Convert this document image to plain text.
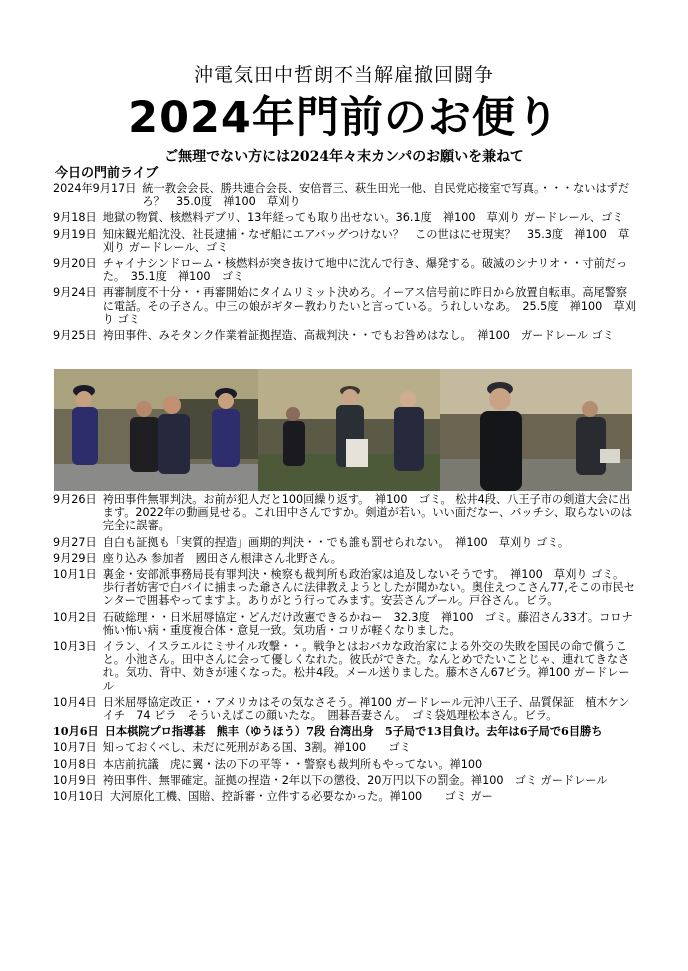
沖電気田中哲朗不当解雇撤回闘争
2024年門前のお便り
ご無理でない方には2024年々末カンパのお願いを兼ねて
今日の門前ライブ
2024年9月17日 統一教会会長、勝共連合会長、安倍晋三、萩生田光一他、自民党応接室で写真。・・・ないはずだろ？　35.0度　禅100　草刈り
9月18日 地獄の物質、核燃料デブリ、13年経っても取り出せない。36.1度　禅100　草刈り ガードレール、ゴミ
9月19日 知床観光船沈没、社長逮捕・なぜ船にエアバッグつけない？　この世はにせ現実？　35.3度　禅100　草刈り ガードレール、ゴミ
9月20日 チャイナシンドローム・核燃料が突き抜けて地中に沈んで行き、爆発する。破滅のシナリオ・・寸前だった。　35.1度　禅100　ゴミ
9月24日 再審制度不十分・・再審開始にタイムリミット決めろ。イーアス信号前に昨日から放置自転車。高尾警察に電話。その子さん。中三の娘がギター教わりたいと言っている。うれしいなあ。　25.5度　禅100　草刈り ゴミ
9月25日 袴田事件、みそタンク作業着証拠捏造、高裁判決・・でもお咎めはなし。　禅100　ガードレール ゴミ
9月26日 袴田事件無罪判決。お前が犯人だと100回繰り返す。　禅100　ゴミ。 松井4段、八王子市の剣道大会に出ます。2022年の動画見せる。これ田中さんですか。剣道が若い。いい面だなー、バッチシ、取らないのは完全に誤審。
9月27日 自白も証拠も「実質的捏造」画期的判決・・でも誰も罰せられない。　禅100　草刈り ゴミ。
9月29日 座り込み 参加者　國田さん根津さん北野さん。
10月1日 裏金・安部派事務局長有罪判決・検察も裁判所も政治家は追及しないそうです。　禅100　草刈り ゴミ。 歩行者妨害で白バイに捕まった爺さんに法律教えようとしたが聞かない。奥住えつこさん77,そこの市民センターで囲碁やってますよ。ありがとう行ってみます。安芸さんプール。戸谷さん。ビラ。
10月2日 石破総理・・日米屈辱協定・どんだけ改憲できるかねー　32.3度　禅100　ゴミ。藤沼さん33才。コロナ怖い怖い病・重度複合体・意見一致。気功盾・コリが軽くなりました。
10月3日 イラン、イスラエルにミサイル攻撃・・。戦争とはおバカな政治家による外交の失敗を国民の命で償うこと。小池さん。田中さんに会って優しくなれた。彼氏ができた。なんとめでたいことじゃ、連れてきなされ。気功、背中、効きが速くなった。松井4段。メール送りました。藤木さん67ビラ。禅100 ガードレール
10月4日 日米屈辱協定改正・・アメリカはその気なさそう。禅100 ガードレール元沖八王子、品質保証　植木ケンイチ　74 ビラ　そういえばこの顔いたな。　囲碁吾妻さん。　ゴミ袋処理松本さん。ビラ。
10月6日 日本棋院プロ指導碁　熊丰（ゆうほう）7段 台湾出身　5子局で13目負け。去年は6子局で6目勝ち
10月7日 知っておくべし、未だに死刑がある国、3割。禅100　　ゴミ
10月8日 本店前抗議　虎に翼・法の下の平等・・警察も裁判所もやってない。禅100
10月9日 袴田事件、無罪確定。証拠の捏造・2年以下の懲役、20万円以下の罰金。禅100　ゴミ ガードレール
10月10日 大河原化工機、国賠、控訴審・立件する必要なかった。禅100　　ゴミ ガー
